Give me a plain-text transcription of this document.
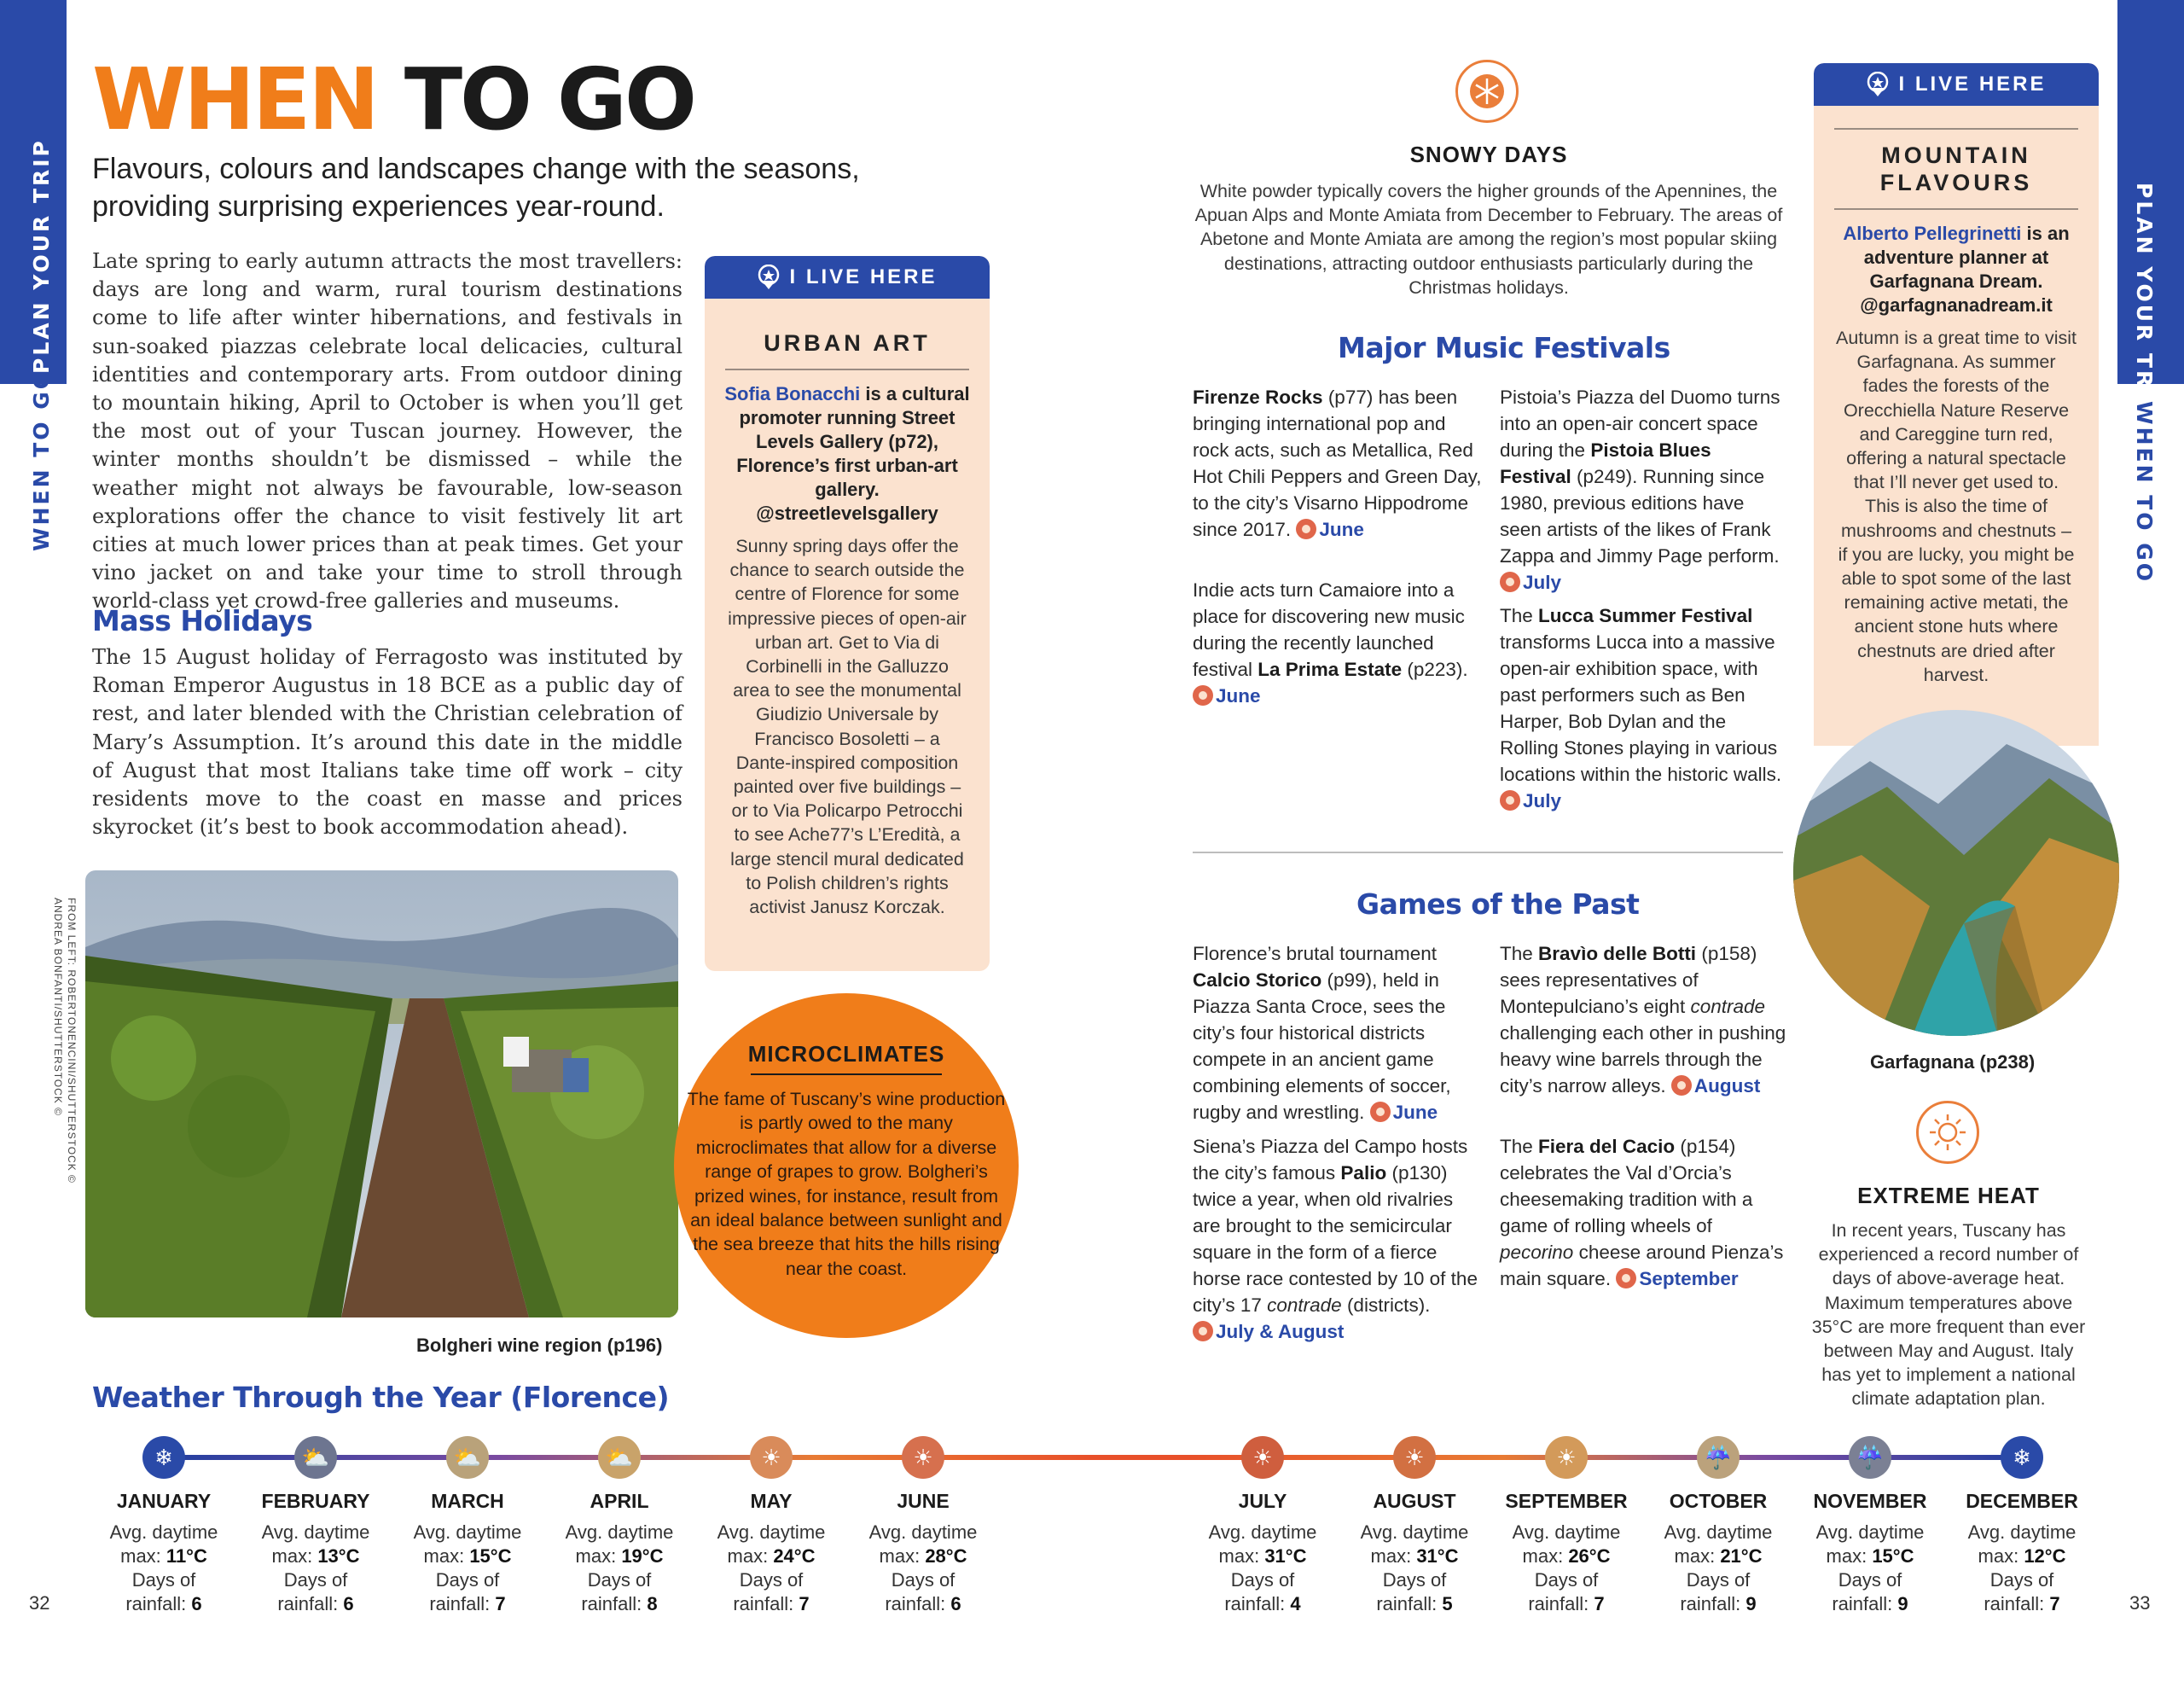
PLAN YOUR TRIP
WHEN TO GO
PLAN YOUR TRIP
WHEN TO GO
32	33
FROM LEFT: ROBERTONENCINI/SHUTTERSTOCK ©
ANDREA BONFANTI/SHUTTERSTOCK ©
WHEN TO GO
Flavours, colours and landscapes change with the seasons, providing surprising experiences year-round.
Late spring to early autumn attracts the most travellers: days are long and warm, rural tourism destinations come to life after winter hibernations, and festivals in sun-soaked piazzas celebrate local delicacies, cultural identities and contemporary arts. From outdoor dining to mountain hiking, April to October is when you’ll get the most out of your Tuscan journey. However, the winter months shouldn’t be dismissed – while the weather might not always be favourable, low-season explorations offer the chance to visit festively lit art cities at much lower prices than at peak times. Get your vino jacket on and take your time to stroll through world-class yet crowd-free galleries and museums.
Mass Holidays
The 15 August holiday of Ferragosto was instituted by Roman Emperor Augustus in 18 BCE as a public day of rest, and later blended with the Christian celebration of Mary’s Assumption. It’s around this date in the middle of August that most Italians take time off work – city residents move to the coast en masse and prices skyrocket (it’s best to book accommodation ahead).
Bolgheri wine region (p196)
I LIVE HERE
URBAN ART
Sofia Bonacchi is a cultural promoter running Street Levels Gallery (p72), Florence’s first urban-art gallery. @streetlevelsgallery
Sunny spring days offer the chance to search outside the centre of Florence for some impressive pieces of open-air urban art. Get to Via di Corbinelli in the Galluzzo area to see the monumental Giudizio Universale by Francisco Bosoletti – a Dante-inspired composition painted over five buildings – or to Via Policarpo Petrocchi to see Ache77’s L’Eredità, a large stencil mural dedicated to Polish children’s rights activist Janusz Korczak.
MICROCLIMATES
The fame of Tuscany’s wine production is partly owed to the many microclimates that allow for a diverse range of grapes to grow. Bolgheri’s prized wines, for instance, result from an ideal balance between sunlight and the sea breeze that hits the hills rising near the coast.
SNOWY DAYS
White powder typically covers the higher grounds of the Apennines, the Apuan Alps and Monte Amiata from December to February. The areas of Abetone and Monte Amiata are among the region’s most popular skiing destinations, attracting outdoor enthusiasts particularly during the Christmas holidays.
Major Music Festivals
Firenze Rocks (p77) has been bringing international pop and rock acts, such as Metallica, Red Hot Chili Peppers and Green Day, to the city’s Visarno Hippodrome since 2017. June
Indie acts turn Camaiore into a place for discovering new music during the recently launched festival La Prima Estate (p223). June
Pistoia’s Piazza del Duomo turns into an open-air concert space during the Pistoia Blues Festival (p249). Running since 1980, previous editions have seen artists of the likes of Frank Zappa and Jimmy Page perform. July
The Lucca Summer Festival transforms Lucca into a massive open-air exhibition space, with past performers such as Ben Harper, Bob Dylan and the Rolling Stones playing in various locations within the historic walls. July
Games of the Past
Florence’s brutal tournament Calcio Storico (p99), held in Piazza Santa Croce, sees the city’s four historical districts compete in an ancient game combining elements of soccer, rugby and wrestling. June
Siena’s Piazza del Campo hosts the city’s famous Palio (p130) twice a year, when old rivalries are brought to the semicircular square in the form of a fierce horse race contested by 10 of the city’s 17 contrade (districts). July & August
The Bravìo delle Botti (p158) sees representatives of Montepulciano’s eight contrade challenging each other in pushing heavy wine barrels through the city’s narrow alleys. August
The Fiera del Cacio (p154) celebrates the Val d’Orcia’s cheesemaking tradition with a game of rolling wheels of pecorino cheese around Pienza’s main square. September
I LIVE HERE
MOUNTAIN FLAVOURS
Alberto Pellegrinetti is an adventure planner at Garfagnana Dream. @garfagnanadream.it
Autumn is a great time to visit Garfagnana. As summer fades the forests of the Orecchiella Nature Reserve and Careggine turn red, offering a natural spectacle that I’ll never get used to. This is also the time of mushrooms and chestnuts – if you are lucky, you might be able to spot some of the last remaining active metati, the ancient stone huts where chestnuts are dried after harvest.
Garfagnana (p238)
EXTREME HEAT
In recent years, Tuscany has experienced a record number of days of above-average heat. Maximum temperatures above 35°C are more frequent than ever between May and August. Italy has yet to implement a national climate adaptation plan.
Weather Through the Year (Florence)
❄
JANUARY
Avg. daytime
max: 11°C
Days of
rainfall: 6
⛅
FEBRUARY
Avg. daytime
max: 13°C
Days of
rainfall: 6
⛅
MARCH
Avg. daytime
max: 15°C
Days of
rainfall: 7
⛅
APRIL
Avg. daytime
max: 19°C
Days of
rainfall: 8
☀
MAY
Avg. daytime
max: 24°C
Days of
rainfall: 7
☀
JUNE
Avg. daytime
max: 28°C
Days of
rainfall: 6
☀
JULY
Avg. daytime
max: 31°C
Days of
rainfall: 4
☀
AUGUST
Avg. daytime
max: 31°C
Days of
rainfall: 5
☀
SEPTEMBER
Avg. daytime
max: 26°C
Days of
rainfall: 7
☔
OCTOBER
Avg. daytime
max: 21°C
Days of
rainfall: 9
☔
NOVEMBER
Avg. daytime
max: 15°C
Days of
rainfall: 9
❄
DECEMBER
Avg. daytime
max: 12°C
Days of
rainfall: 7
